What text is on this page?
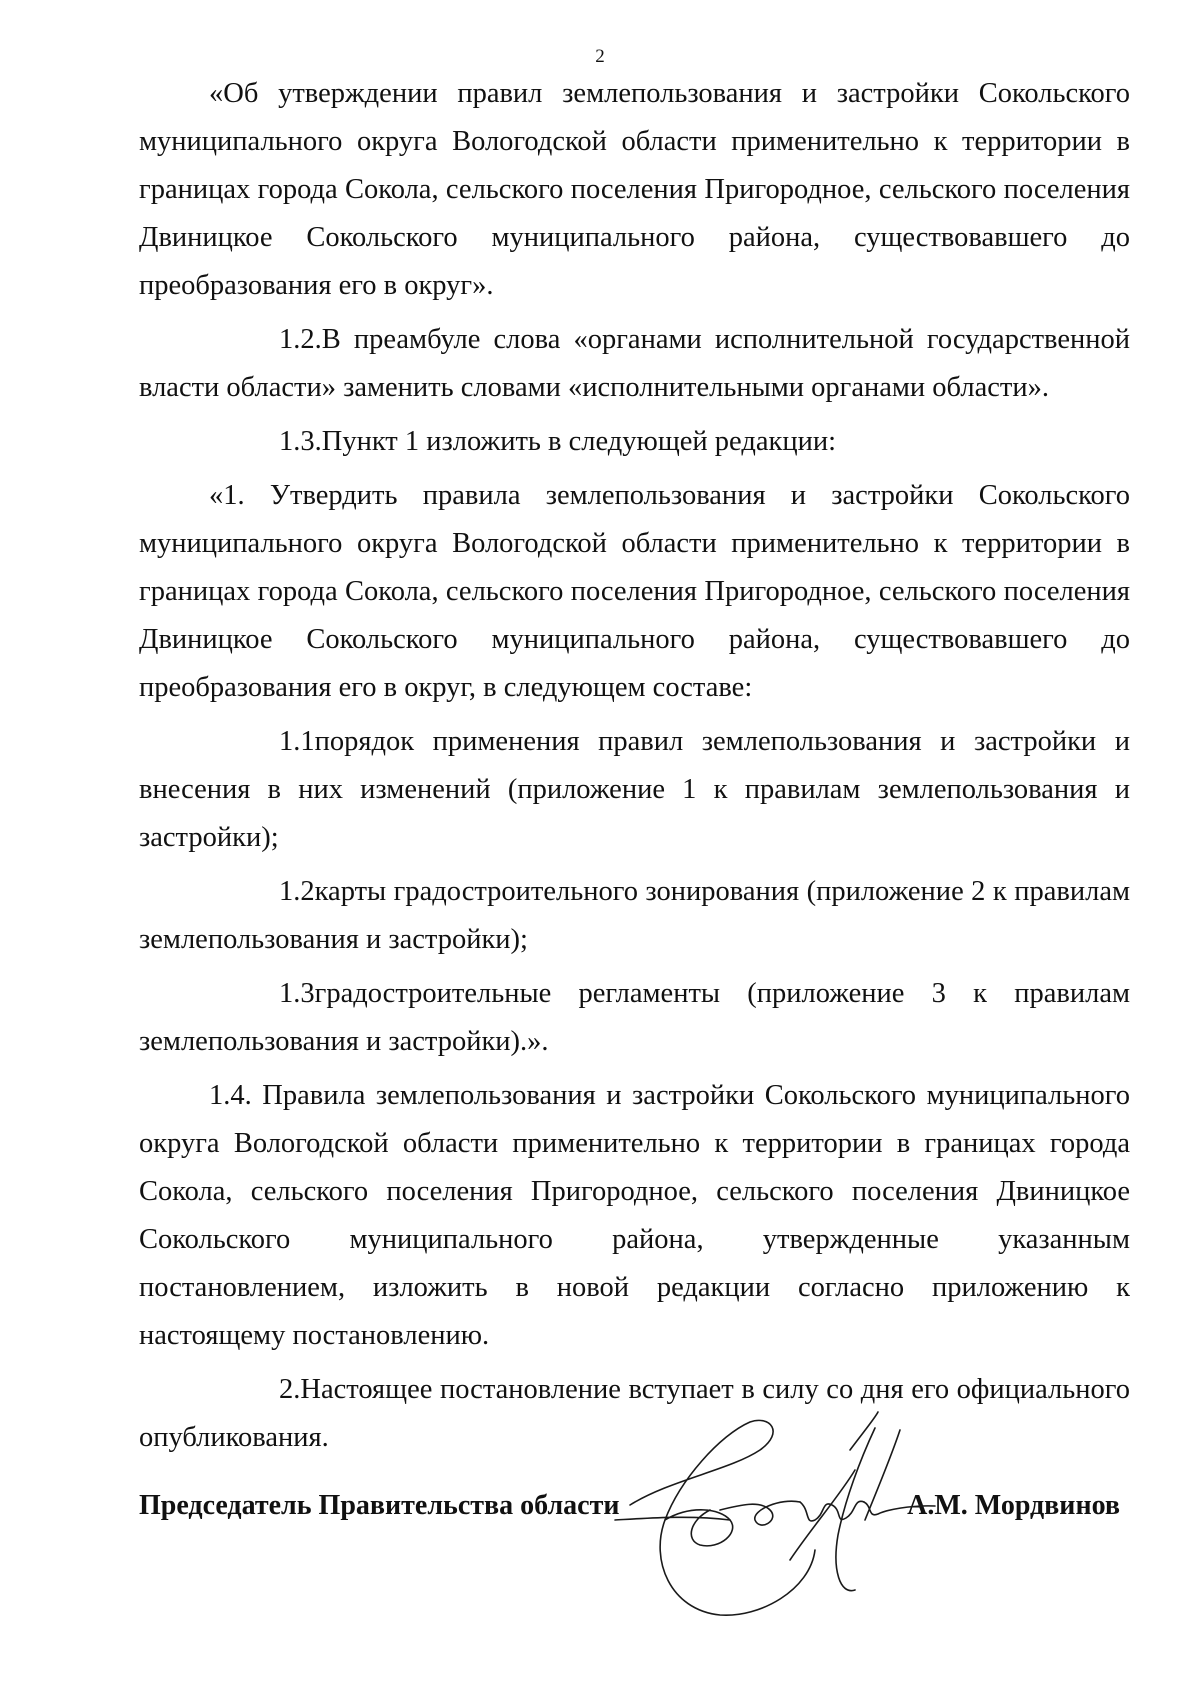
2

«Об утверждении правил землепользования и застройки Сокольского муниципального округа Вологодской области применительно к территории в границах города Сокола, сельского поселения Пригородное, сельского поселения Двиницкое Сокольского муниципального района, существовавшего до преобразования его в округ».

1.2.В преамбуле слова «органами исполнительной государственной власти области» заменить словами «исполнительными органами области».

1.3.Пункт 1 изложить в следующей редакции:

«1. Утвердить правила землепользования и застройки Сокольского муниципального округа Вологодской области применительно к территории в границах города Сокола, сельского поселения Пригородное, сельского поселения Двиницкое Сокольского муниципального района, существовавшего до преобразования его в округ, в следующем составе:

1.1порядок применения правил землепользования и застройки и внесения в них изменений (приложение 1 к правилам землепользования и застройки);

1.2карты градостроительного зонирования (приложение 2 к правилам землепользования и застройки);

1.3градостроительные регламенты (приложение 3 к правилам землепользования и застройки).».

1.4. Правила землепользования и застройки Сокольского муниципального округа Вологодской области применительно к территории в границах города Сокола, сельского поселения Пригородное, сельского поселения Двиницкое Сокольского муниципального района, утвержденные указанным постановлением, изложить в новой редакции согласно приложению к настоящему постановлению.

2.Настоящее постановление вступает в силу со дня его официального опубликования.

Председатель Правительства области	А.М. Мордвинов
